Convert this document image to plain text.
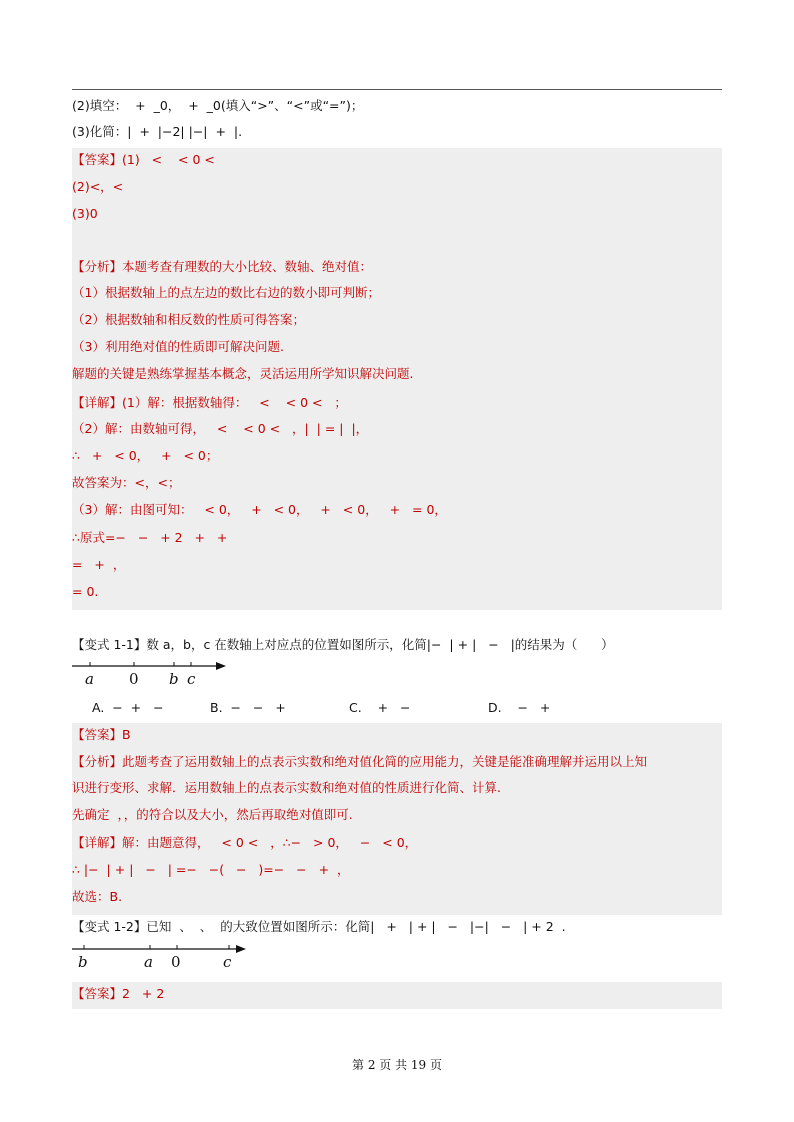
(2)填空：  +  _0，  +  _0(填入“>”、“<”或“=”)；
(3)化简：|  +  |−2| |−|  +  |.
【答案】(1)   <    < 0 <
(2)<，<
(3)0
【分析】本题考查有理数的大小比较、数轴、绝对值：
（1）根据数轴上的点左边的数比右边的数小即可判断；
（2）根据数轴和相反数的性质可得答案；
（3）利用绝对值的性质即可解决问题.
解题的关键是熟练掌握基本概念，灵活运用所学知识解决问题.
【详解】(1）解：根据数轴得：   <    < 0 <   ；
（2）解：由数轴可得，   <    < 0 <   ，|  | = |  |，
∴   +   < 0，   +   < 0；
故答案为：<，<；
（3）解：由图可知：   < 0，   +   < 0，   +   < 0，   +   = 0，
∴原式=−   −   + 2   +   +
=   +  ，
= 0.
【变式 1-1】数 a，b，c 在数轴上对应点的位置如图所示，化简|−  | + |   −   |的结果为（      ）
a 0 b c
A.  −  +   −	B.  −   −   +	C.    +   −	D.    −   +
【答案】B
【分析】此题考查了运用数轴上的点表示实数和绝对值化简的应用能力，关键是能准确理解并运用以上知
识进行变形、求解．运用数轴上的点表示实数和绝对值的性质进行化简、计算.
先确定  ，，的符合以及大小，然后再取绝对值即可.
【详解】解：由题意得，   < 0 <   ，∴−   > 0，   −   < 0，
∴ |−  | + |   −   | =−   −(   −   )=−   −   +  ，
故选：B.
【变式 1-2】已知  、  、  的大致位置如图所示：化简|   +   | + |   −   |−|   −   | + 2  .
b	a 0	c
【答案】2   + 2
第 2 页 共 19 页
